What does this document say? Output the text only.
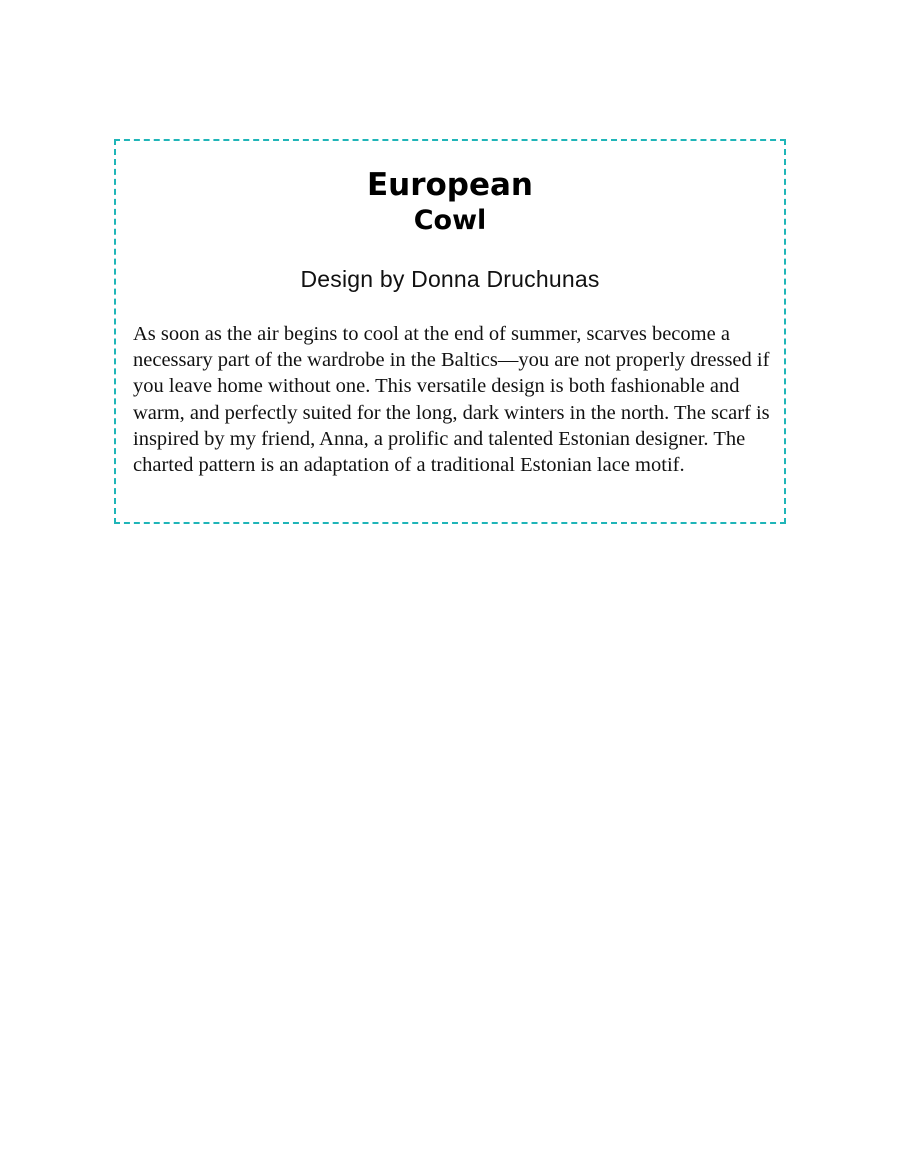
European
Cowl
Design by Donna Druchunas

As soon as the air begins to cool at the end of summer, scarves become a necessary part of the wardrobe in the Baltics—you are not properly dressed if you leave home without one. This versatile design is both fashionable and warm, and perfectly suited for the long, dark winters in the north. The scarf is inspired by my friend, Anna, a prolific and talented Estonian designer. The charted pattern is an adaptation of a traditional Estonian lace motif.
